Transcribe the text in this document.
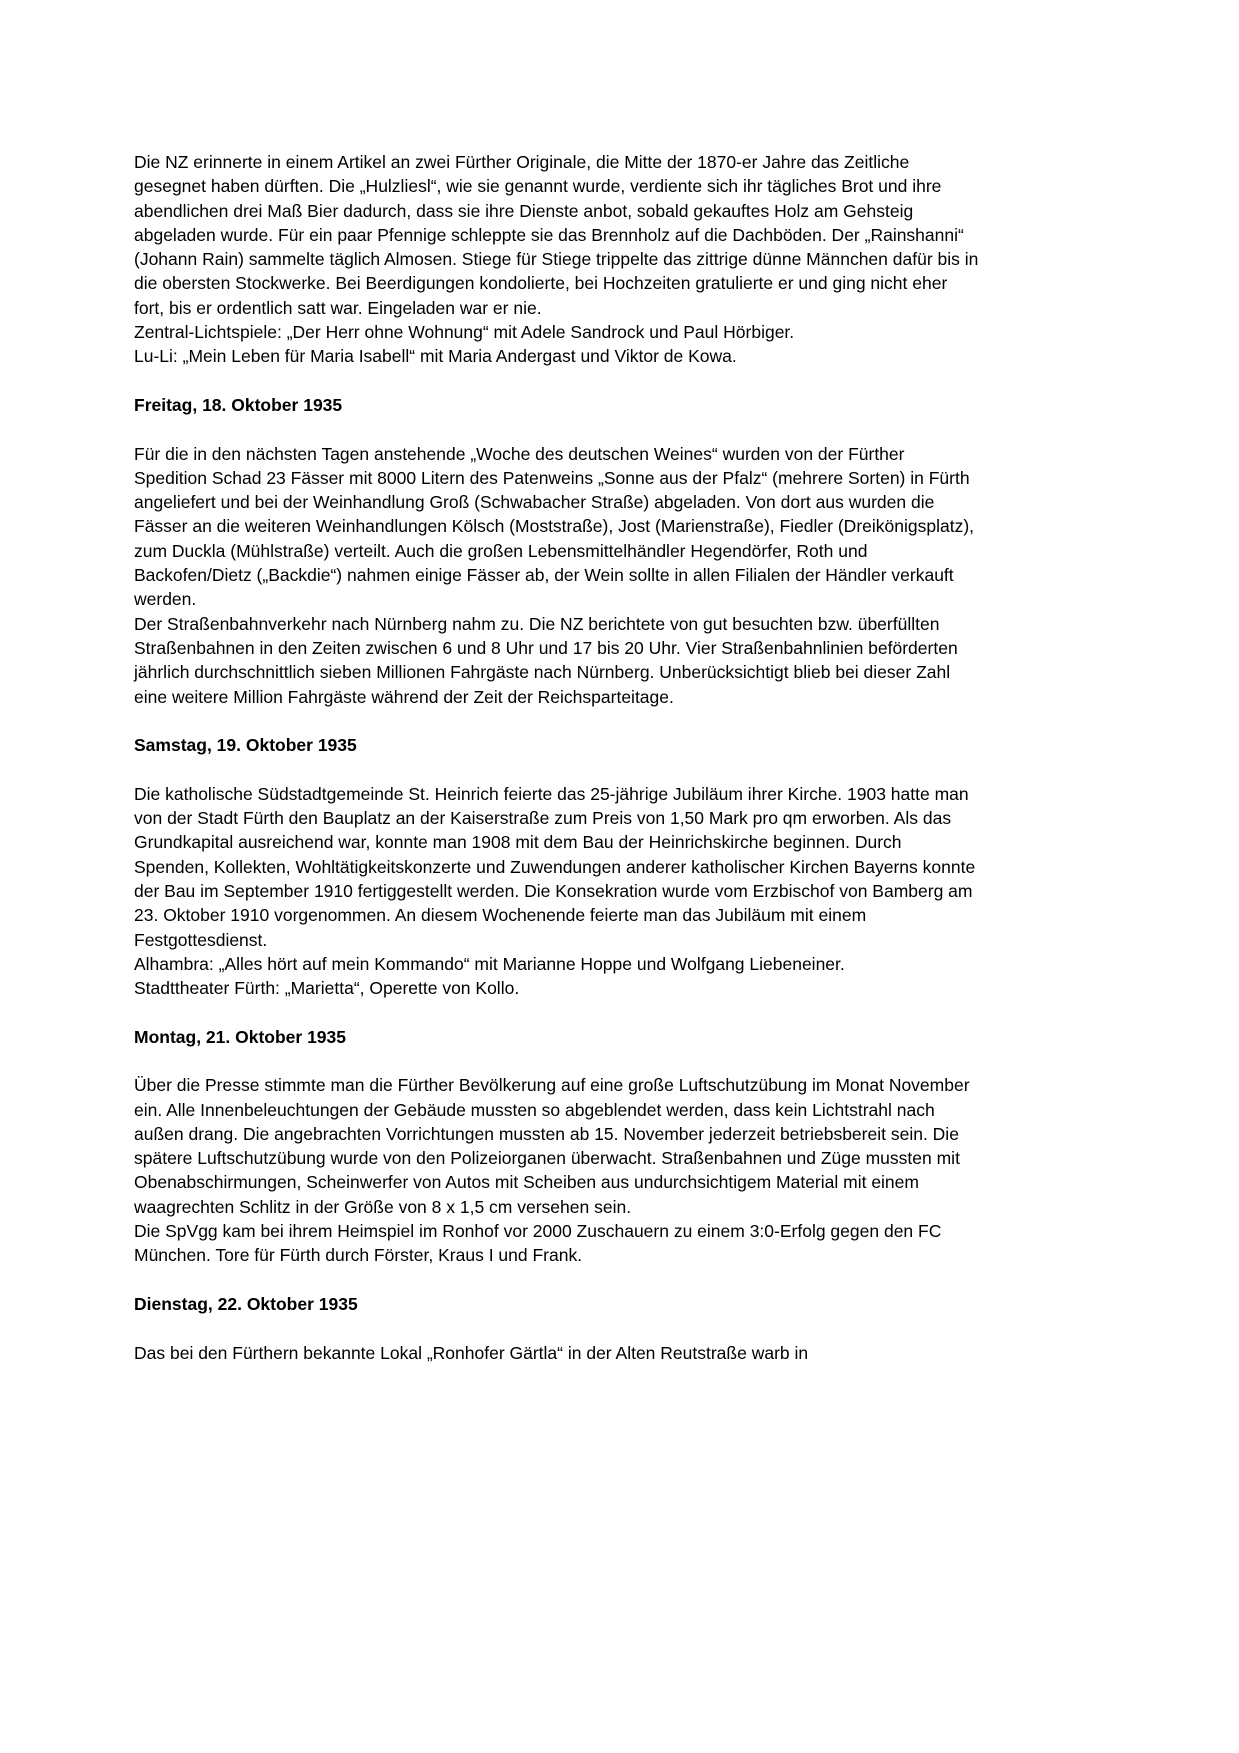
Die NZ erinnerte in einem Artikel an zwei Fürther Originale, die Mitte der 1870-er Jahre das Zeitliche gesegnet haben dürften. Die „Hulzliesl“, wie sie genannt wurde, verdiente sich ihr tägliches Brot und ihre abendlichen drei Maß Bier dadurch, dass sie ihre Dienste anbot, sobald gekauftes Holz am Gehsteig abgeladen wurde. Für ein paar Pfennige schleppte sie das Brennholz auf die Dachböden. Der „Rainshanni“ (Johann Rain) sammelte täglich Almosen. Stiege für Stiege trippelte das zittrige dünne Männchen dafür bis in die obersten Stockwerke. Bei Beerdigungen kondolierte, bei Hochzeiten gratulierte er und ging nicht eher fort, bis er ordentlich satt war. Eingeladen war er nie.

Zentral-Lichtspiele: „Der Herr ohne Wohnung“ mit Adele Sandrock und Paul Hörbiger.

Lu-Li: „Mein Leben für Maria Isabell“ mit Maria Andergast und Viktor de Kowa.

Freitag, 18. Oktober 1935

Für die in den nächsten Tagen anstehende „Woche des deutschen Weines“ wurden von der Fürther Spedition Schad 23 Fässer mit 8000 Litern des Patenweins „Sonne aus der Pfalz“ (mehrere Sorten) in Fürth angeliefert und bei der Weinhandlung Groß (Schwabacher Straße) abgeladen. Von dort aus wurden die Fässer an die weiteren Weinhandlungen Kölsch (Moststraße), Jost (Marienstraße), Fiedler (Dreikönigsplatz), zum Duckla (Mühlstraße) verteilt. Auch die großen Lebensmittelhändler Hegendörfer, Roth und Backofen/Dietz („Backdie“) nahmen einige Fässer ab, der Wein sollte in allen Filialen der Händler verkauft werden.

Der Straßenbahnverkehr nach Nürnberg nahm zu. Die NZ berichtete von gut besuchten bzw. überfüllten Straßenbahnen in den Zeiten zwischen 6 und 8 Uhr und 17 bis 20 Uhr. Vier Straßenbahnlinien beförderten jährlich durchschnittlich sieben Millionen Fahrgäste nach Nürnberg. Unberücksichtigt blieb bei dieser Zahl eine weitere Million Fahrgäste während der Zeit der Reichsparteitage.

Samstag, 19. Oktober 1935

Die katholische Südstadtgemeinde St. Heinrich feierte das 25-jährige Jubiläum ihrer Kirche. 1903 hatte man von der Stadt Fürth den Bauplatz an der Kaiserstraße zum Preis von 1,50 Mark pro qm erworben. Als das Grundkapital ausreichend war, konnte man 1908 mit dem Bau der Heinrichskirche beginnen. Durch Spenden, Kollekten, Wohltätigkeitskonzerte und Zuwendungen anderer katholischer Kirchen Bayerns konnte der Bau im September 1910 fertiggestellt werden. Die Konsekration wurde vom Erzbischof von Bamberg am 23. Oktober 1910 vorgenommen. An diesem Wochenende feierte man das Jubiläum mit einem Festgottesdienst.

Alhambra: „Alles hört auf mein Kommando“ mit Marianne Hoppe und Wolfgang Liebeneiner.

Stadttheater Fürth: „Marietta“, Operette von Kollo.

Montag, 21. Oktober 1935

Über die Presse stimmte man die Fürther Bevölkerung auf eine große Luftschutzübung im Monat November ein. Alle Innenbeleuchtungen der Gebäude mussten so abgeblendet werden, dass kein Lichtstrahl nach außen drang. Die angebrachten Vorrichtungen mussten ab 15. November jederzeit betriebsbereit sein. Die spätere Luftschutzübung wurde von den Polizeiorganen überwacht. Straßenbahnen und Züge mussten mit Obenabschirmungen, Scheinwerfer von Autos mit Scheiben aus undurchsichtigem Material mit einem waagrechten Schlitz in der Größe von 8 x 1,5 cm versehen sein.

Die SpVgg kam bei ihrem Heimspiel im Ronhof vor 2000 Zuschauern zu einem 3:0-Erfolg gegen den FC München. Tore für Fürth durch Förster, Kraus I und Frank.

Dienstag, 22. Oktober 1935

Das bei den Fürthern bekannte Lokal „Ronhofer Gärtla“ in der Alten Reutstraße warb in
